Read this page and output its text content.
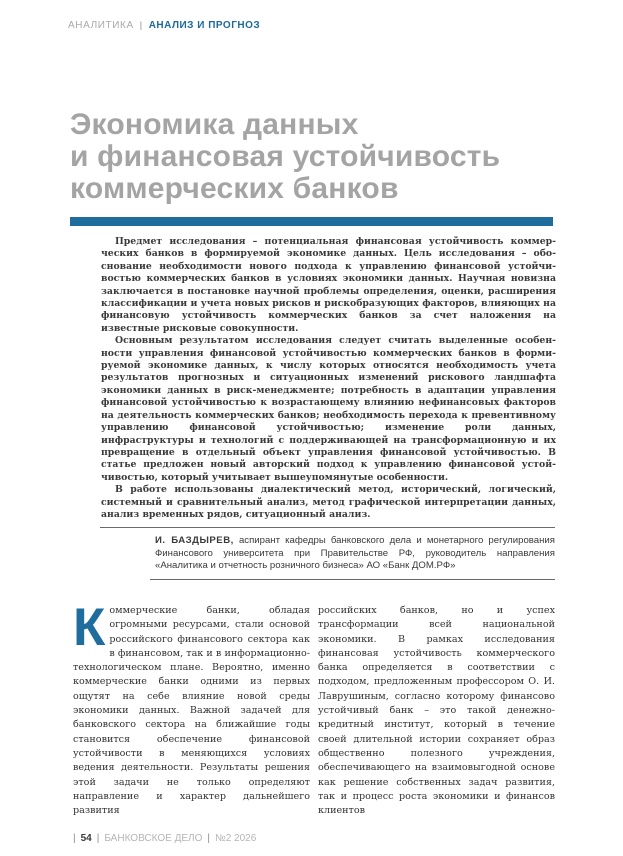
АНАЛИТИКА | АНАЛИЗ И ПРОГНОЗ
Экономика данных
и финансовая устойчивость
коммерческих банков

Предмет исследования – потенциальная финансовая устойчивость коммерческих банков в формируемой экономике данных. Цель исследования – обоснование необходимости нового подхода к управлению финансовой устойчивостью коммерческих банков в условиях экономики данных. Научная новизна заключается в постановке научной проблемы определения, оценки, расширения классификации и учета новых рисков и рискобразующих факторов, влияющих на финансовую устойчивость коммерческих банков за счет наложения на известные рисковые совокупности.

Основным результатом исследования следует считать выделенные особенности управления финансовой устойчивостью коммерческих банков в формируемой экономике данных, к числу которых относятся необходимость учета результатов прогнозных и ситуационных изменений рискового ландшафта экономики данных в риск-менеджменте; потребность в адаптации управления финансовой устойчивостью к возрастающему влиянию нефинансовых факторов на деятельность коммерческих банков; необходимость перехода к превентивному управлению финансовой устойчивостью; изменение роли данных, инфраструктуры и технологий с поддерживающей на трансформационную и их превращение в отдельный объект управления финансовой устойчивостью. В статье предложен новый авторский подход к управлению финансовой устойчивостью, который учитывает вышеупомянутые особенности.

В работе использованы диалектический метод, исторический, логический, системный и сравнительный анализ, метод графической интерпретации данных, анализ временных рядов, ситуационный анализ.

И. БАЗДЫРЕВ, аспирант кафедры банковского дела и монетарного регулирования Финансового университета при Правительстве РФ, руководитель направления «Аналитика и отчетность розничного бизнеса» АО «Банк ДОМ.РФ»
Коммерческие банки, обладая огромными ресурсами, стали основой российского финансового сектора как в финансовом, так и в информационно-технологическом плане. Вероятно, именно коммерческие банки одними из первых ощутят на себе влияние новой среды экономики данных. Важной задачей для банковского сектора на ближайшие годы становится обеспечение финансовой устойчивости в меняющихся условиях ведения деятельности. Результаты решения этой задачи не только определяют направление и характер дальнейшего развития
российских банков, но и успех трансформации всей национальной экономики. В рамках исследования финансовая устойчивость коммерческого банка определяется в соответствии с подходом, предложенным профессором О. И. Лаврушиным, согласно которому финансово устойчивый банк – это такой денежно-кредитный институт, который в течение своей длительной истории сохраняет образ общественно полезного учреждения, обеспечивающего на взаимовыгодной основе как решение собственных задач развития, так и процесс роста экономики и финансов клиентов
| 54 | БАНКОВСКОЕ ДЕЛО | №2 2026
